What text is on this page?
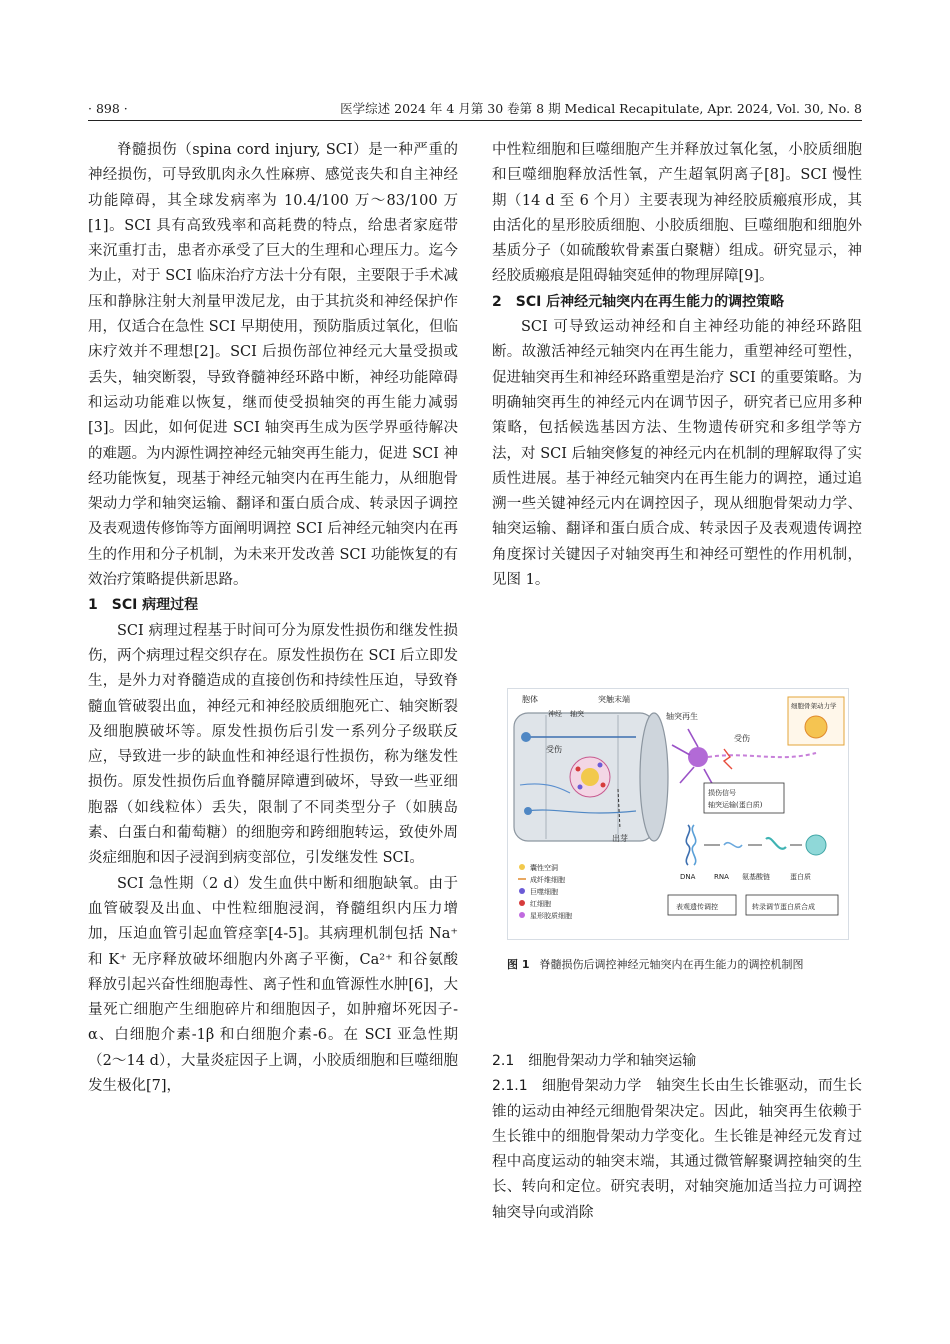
· 898 ·	医学综述 2024 年 4 月第 30 卷第 8 期 Medical Recapitulate, Apr. 2024, Vol. 30, No. 8

脊髓损伤（spina cord injury, SCI）是一种严重的神经损伤，可导致肌肉永久性麻痹、感觉丧失和自主神经功能障碍，其全球发病率为 10.4/100 万～83/100 万[1]。SCI 具有高致残率和高耗费的特点，给患者家庭带来沉重打击，患者亦承受了巨大的生理和心理压力。迄今为止，对于 SCI 临床治疗方法十分有限，主要限于手术减压和静脉注射大剂量甲泼尼龙，由于其抗炎和神经保护作用，仅适合在急性 SCI 早期使用，预防脂质过氧化，但临床疗效并不理想[2]。SCI 后损伤部位神经元大量受损或丢失，轴突断裂，导致脊髓神经环路中断，神经功能障碍和运动功能难以恢复，继而使受损轴突的再生能力减弱[3]。因此，如何促进 SCI 轴突再生成为医学界亟待解决的难题。为内源性调控神经元轴突再生能力，促进 SCI 神经功能恢复，现基于神经元轴突内在再生能力，从细胞骨架动力学和轴突运输、翻译和蛋白质合成、转录因子调控及表观遗传修饰等方面阐明调控 SCI 后神经元轴突内在再生的作用和分子机制，为未来开发改善 SCI 功能恢复的有效治疗策略提供新思路。

1　SCI 病理过程

SCI 病理过程基于时间可分为原发性损伤和继发性损伤，两个病理过程交织存在。原发性损伤在 SCI 后立即发生，是外力对脊髓造成的直接创伤和持续性压迫，导致脊髓血管破裂出血，神经元和神经胶质细胞死亡、轴突断裂及细胞膜破坏等。原发性损伤后引发一系列分子级联反应，导致进一步的缺血性和神经退行性损伤，称为继发性损伤。原发性损伤后血脊髓屏障遭到破坏，导致一些亚细胞器（如线粒体）丢失，限制了不同类型分子（如胰岛素、白蛋白和葡萄糖）的细胞旁和跨细胞转运，致使外周炎症细胞和因子浸润到病变部位，引发继发性 SCI。

SCI 急性期（2 d）发生血供中断和细胞缺氧。由于血管破裂及出血、中性粒细胞浸润，脊髓组织内压力增加，压迫血管引起血管痉挛[4-5]。其病理机制包括 Na⁺ 和 K⁺ 无序释放破坏细胞内外离子平衡，Ca²⁺ 和谷氨酸释放引起兴奋性细胞毒性、离子性和血管源性水肿[6]，大量死亡细胞产生细胞碎片和细胞因子，如肿瘤坏死因子-α、白细胞介素-1β 和白细胞介素-6。在 SCI 亚急性期（2～14 d），大量炎症因子上调，小胶质细胞和巨噬细胞发生极化[7]，

中性粒细胞和巨噬细胞产生并释放过氧化氢，小胶质细胞和巨噬细胞释放活性氧，产生超氧阴离子[8]。SCI 慢性期（14 d 至 6 个月）主要表现为神经胶质瘢痕形成，其由活化的星形胶质细胞、小胶质细胞、巨噬细胞和细胞外基质分子（如硫酸软骨素蛋白聚糖）组成。研究显示，神经胶质瘢痕是阻碍轴突延伸的物理屏障[9]。

2　SCI 后神经元轴突内在再生能力的调控策略

SCI 可导致运动神经和自主神经功能的神经环路阻断。故激活神经元轴突内在再生能力，重塑神经可塑性，促进轴突再生和神经环路重塑是治疗 SCI 的重要策略。为明确轴突再生的神经元内在调节因子，研究者已应用多种策略，包括候选基因方法、生物遗传研究和多组学等方法，对 SCI 后轴突修复的神经元内在机制的理解取得了实质性进展。基于神经元轴突内在再生能力的调控，通过追溯一些关键神经元内在调控因子，现从细胞骨架动力学、轴突运输、翻译和蛋白质合成、转录因子及表观遗传调控角度探讨关键因子对轴突再生和神经可塑性的作用机制，见图 1。

胞体	突触末端
神经 轴突
受伤
出芽
轴突再生
受伤
细胞骨架动力学
损伤信号
轴突运输(蛋白质)
DNA	RNA 氨基酸链	蛋白质
表观遗传调控	转录调节蛋白质合成
囊性空洞
成纤维细胞
巨噬细胞
红细胞
星形胶质细胞
图 1 脊髓损伤后调控神经元轴突内在再生能力的调控机制图

2.1　细胞骨架动力学和轴突运输

2.1.1　细胞骨架动力学　 轴突生长由生长锥驱动，而生长锥的运动由神经元细胞骨架决定。因此，轴突再生依赖于生长锥中的细胞骨架动力学变化。生长锥是神经元发育过程中高度运动的轴突末端，其通过微管解聚调控轴突的生长、转向和定位。研究表明，对轴突施加适当拉力可调控轴突导向或消除
